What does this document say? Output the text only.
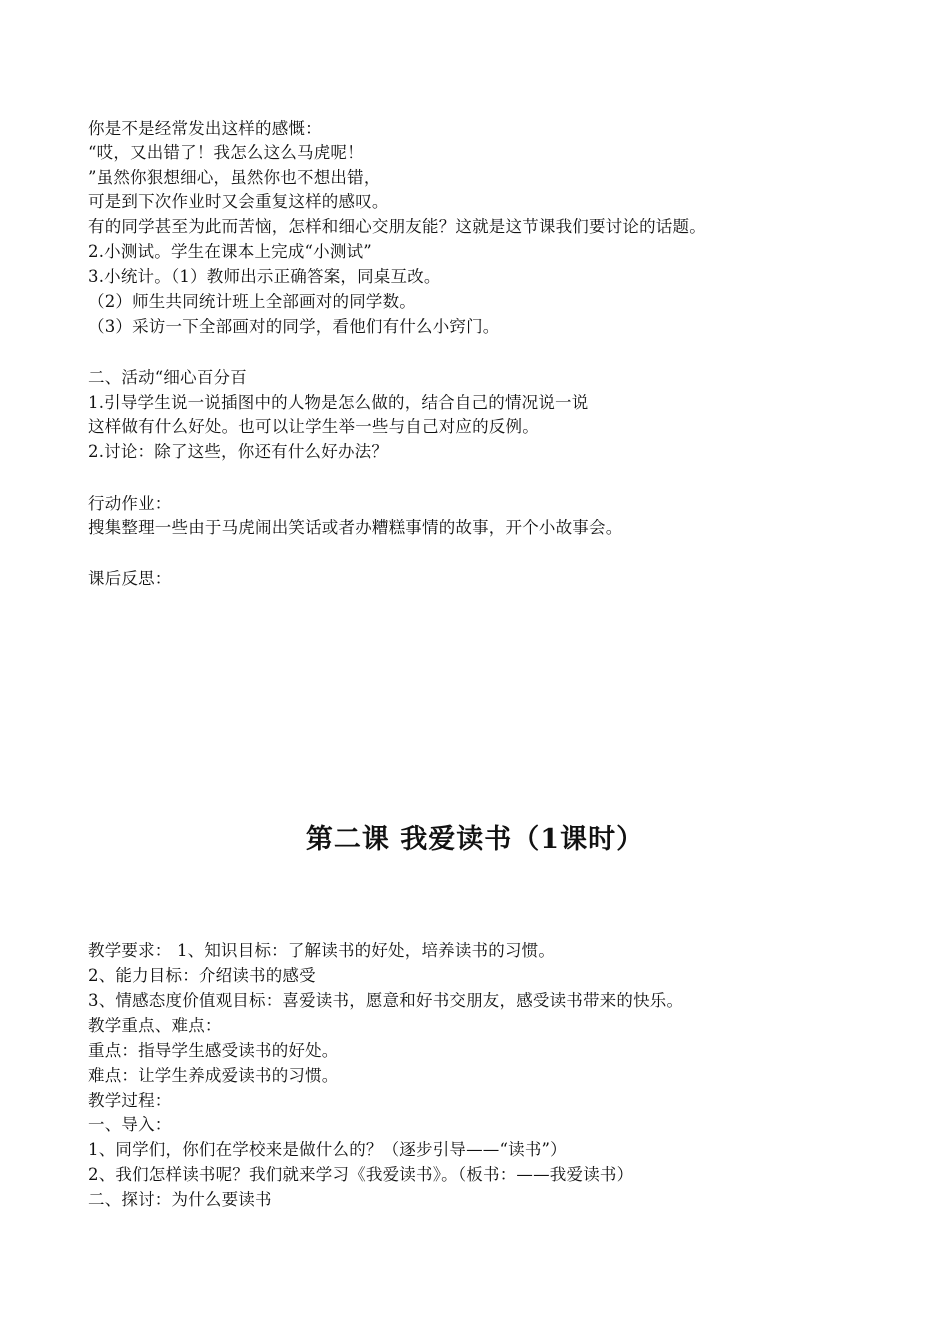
你是不是经常发出这样的感慨：
“哎，又出错了！我怎么这么马虎呢！
”虽然你狠想细心，虽然你也不想出错，
可是到下次作业时又会重复这样的感叹。
有的同学甚至为此而苦恼，怎样和细心交朋友能？这就是这节课我们要讨论的话题。
2.小测试。学生在课本上完成“小测试”
3.小统计。（1）教师出示正确答案，同桌互改。
（2）师生共同统计班上全部画对的同学数。
（3）采访一下全部画对的同学，看他们有什么小窍门。
二、活动“细心百分百
1.引导学生说一说插图中的人物是怎么做的，结合自己的情况说一说
这样做有什么好处。也可以让学生举一些与自己对应的反例。
2.讨论：除了这些，你还有什么好办法？
行动作业：
搜集整理一些由于马虎闹出笑话或者办糟糕事情的故事，开个小故事会。
课后反思：
第二课 我爱读书（1课时）
教学要求： 1、知识目标：了解读书的好处，培养读书的习惯。
2、能力目标：介绍读书的感受
3、情感态度价值观目标：喜爱读书，愿意和好书交朋友，感受读书带来的快乐。
教学重点、难点：
重点：指导学生感受读书的好处。
难点：让学生养成爱读书的习惯。
教学过程：
一、导入：
1、同学们，你们在学校来是做什么的？（逐步引导——“读书”）
2、我们怎样读书呢？我们就来学习《我爱读书》。（板书：——我爱读书）
二、探讨：为什么要读书
